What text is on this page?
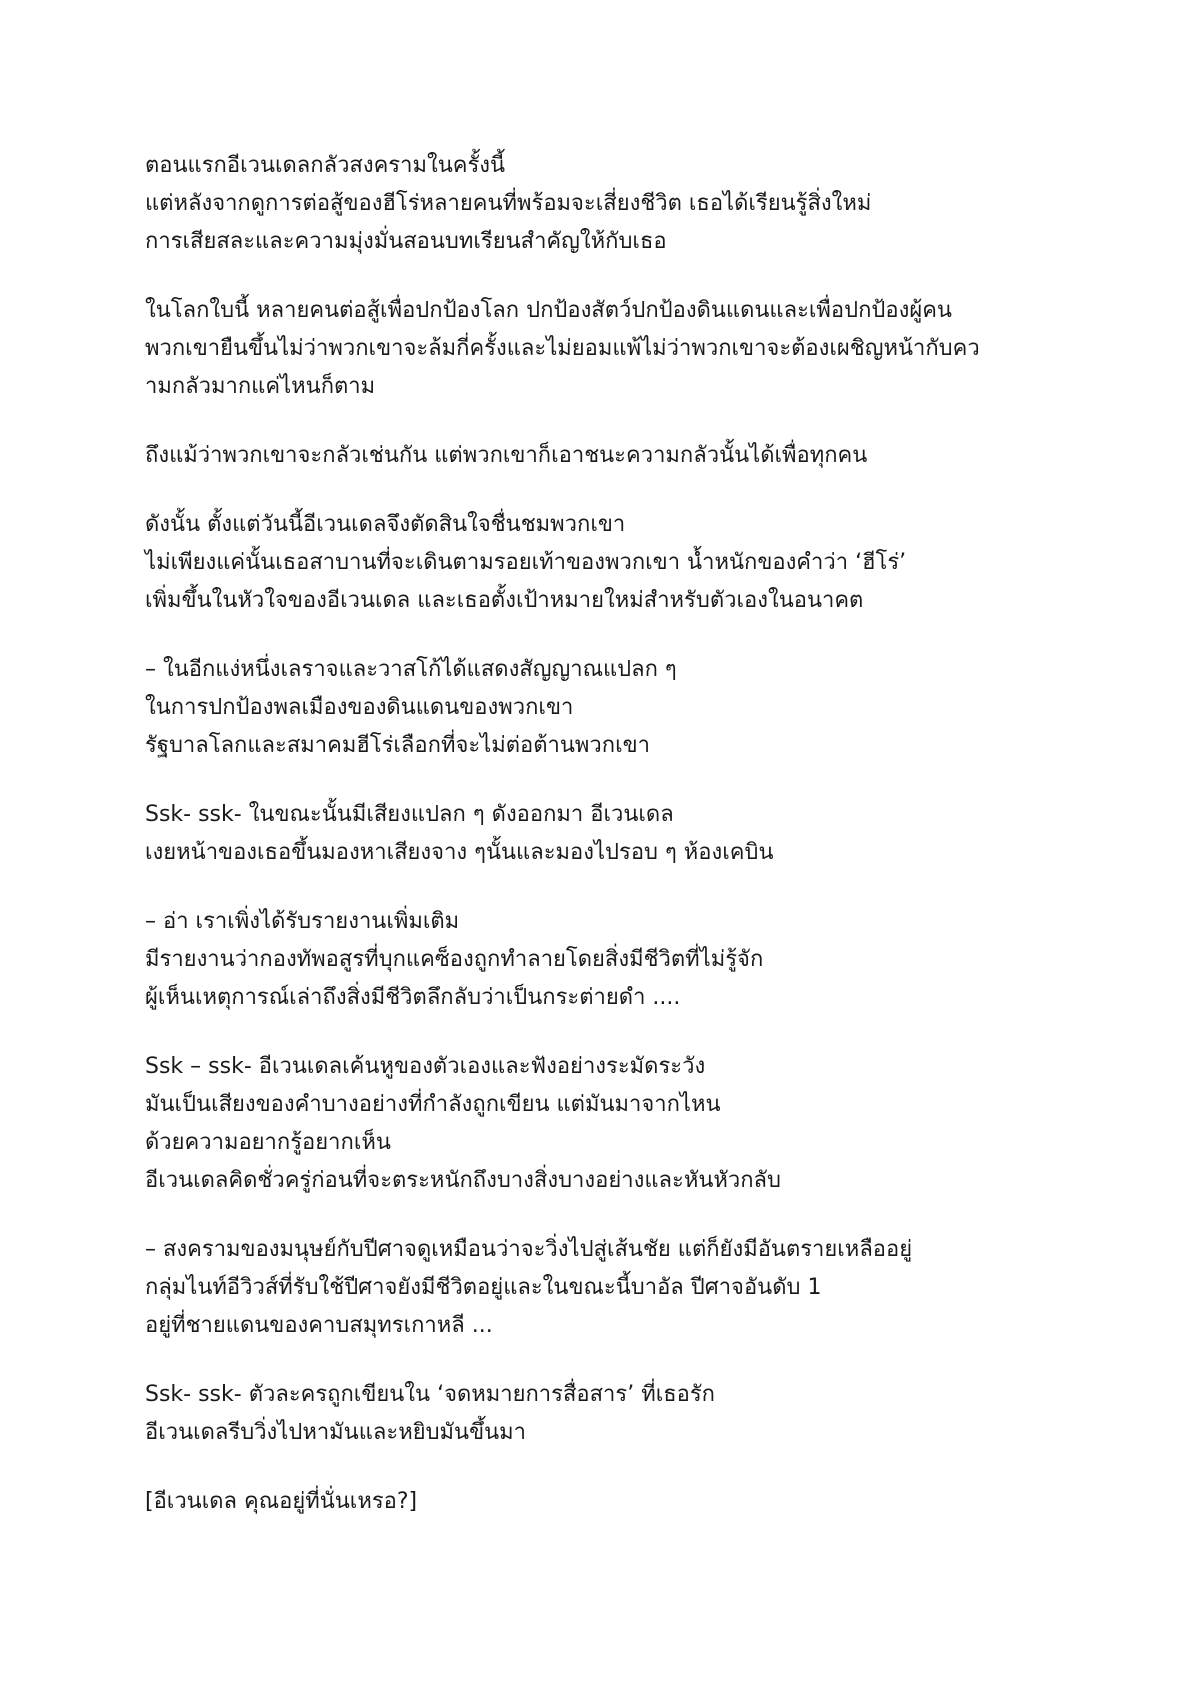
ตอนแรกอีเวนเดลกลัวสงครามในครั้งนี้
แต่หลังจากดูการต่อสู้ของฮีโร่หลายคนที่พร้อมจะเสี่ยงชีวิต เธอได้เรียนรู้สิ่งใหม่
การเสียสละและความมุ่งมั่นสอนบทเรียนสำคัญให้กับเธอ
ในโลกใบนี้ หลายคนต่อสู้เพื่อปกป้องโลก ปกป้องสัตว์ปกป้องดินแดนและเพื่อปกป้องผู้คน
พวกเขายืนขึ้นไม่ว่าพวกเขาจะล้มกี่ครั้งและไม่ยอมแพ้ไม่ว่าพวกเขาจะต้องเผชิญหน้ากับคว
ามกลัวมากแค่ไหนก็ตาม
ถึงแม้ว่าพวกเขาจะกลัวเช่นกัน แต่พวกเขาก็เอาชนะความกลัวนั้นได้เพื่อทุกคน
ดังนั้น ตั้งแต่วันนี้อีเวนเดลจึงตัดสินใจชื่นชมพวกเขา
ไม่เพียงแค่นั้นเธอสาบานที่จะเดินตามรอยเท้าของพวกเขา น้ำหนักของคำว่า ‘ฮีโร่’
เพิ่มขึ้นในหัวใจของอีเวนเดล และเธอตั้งเป้าหมายใหม่สำหรับตัวเองในอนาคต
– ในอีกแง่หนึ่งเลราจและวาสโก้ได้แสดงสัญญาณแปลก ๆ
ในการปกป้องพลเมืองของดินแดนของพวกเขา
รัฐบาลโลกและสมาคมฮีโร่เลือกที่จะไม่ต่อต้านพวกเขา
Ssk- ssk- ในขณะนั้นมีเสียงแปลก ๆ ดังออกมา อีเวนเดล
เงยหน้าของเธอขึ้นมองหาเสียงจาง ๆนั้นและมองไปรอบ ๆ ห้องเคบิน
– อ่า เราเพิ่งได้รับรายงานเพิ่มเติม
มีรายงานว่ากองทัพอสูรที่บุกแคซ็องถูกทำลายโดยสิ่งมีชีวิตที่ไม่รู้จัก
ผู้เห็นเหตุการณ์เล่าถึงสิ่งมีชีวิตลึกลับว่าเป็นกระต่ายดำ ....
Ssk – ssk- อีเวนเดลเค้นหูของตัวเองและฟังอย่างระมัดระวัง
มันเป็นเสียงของคำบางอย่างที่กำลังถูกเขียน แต่มันมาจากไหน
ด้วยความอยากรู้อยากเห็น
อีเวนเดลคิดชั่วครู่ก่อนที่จะตระหนักถึงบางสิ่งบางอย่างและหันหัวกลับ
– สงครามของมนุษย์กับปีศาจดูเหมือนว่าจะวิ่งไปสู่เส้นชัย แต่ก็ยังมีอันตรายเหลืออยู่
กลุ่มไนท์อีวิวส์ที่รับใช้ปีศาจยังมีชีวิตอยู่และในขณะนี้บาอัล ปีศาจอันดับ 1
อยู่ที่ชายแดนของคาบสมุทรเกาหลี ...
Ssk- ssk- ตัวละครถูกเขียนใน ‘จดหมายการสื่อสาร’ ที่เธอรัก
อีเวนเดลรีบวิ่งไปหามันและหยิบมันขึ้นมา
[อีเวนเดล คุณอยู่ที่นั่นเหรอ?]
